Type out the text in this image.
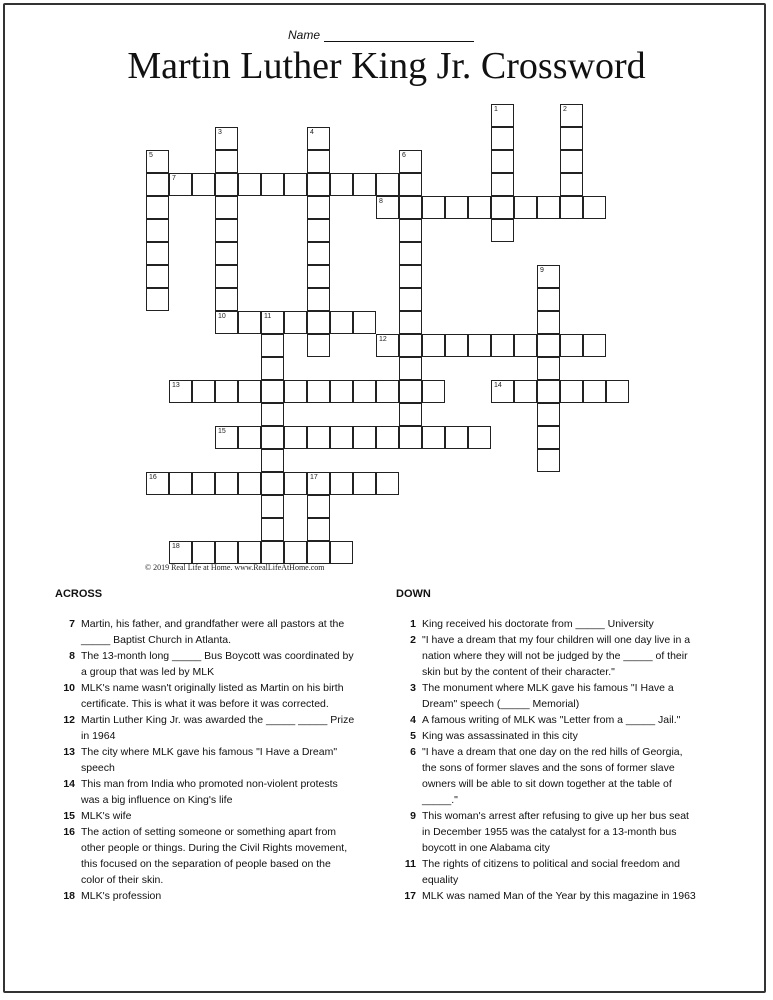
Name
Martin Luther King Jr. Crossword
7
8
10
12
13	14
15
16
18
1	2
3	4
5	6
9
11
17
© 2019 Real Life at Home. www.RealLifeAtHome.com
ACROSS
7 Martin, his father, and grandfather were all pastors at the _____ Baptist Church in Atlanta.
8 The 13-month long _____ Bus Boycott was coordinated by a group that was led by MLK
10 MLK's name wasn't originally listed as Martin on his birth certificate. This is what it was before it was corrected.
12 Martin Luther King Jr. was awarded the _____ _____ Prize in 1964
13 The city where MLK gave his famous "I Have a Dream" speech
14 This man from India who promoted non-violent protests was a big influence on King's life
15 MLK's wife
16 The action of setting someone or something apart from other people or things. During the Civil Rights movement, this focused on the separation of people based on the color of their skin.
18 MLK's profession
DOWN
1 King received his doctorate from _____ University
2 "I have a dream that my four children will one day live in a nation where they will not be judged by the _____ of their skin but by the content of their character."
3 The monument where MLK gave his famous "I Have a Dream" speech (_____ Memorial)
4 A famous writing of MLK was "Letter from a _____ Jail."
5 King was assassinated in this city
6 "I have a dream that one day on the red hills of Georgia, the sons of former slaves and the sons of former slave owners will be able to sit down together at the table of _____."
9 This woman's arrest after refusing to give up her bus seat in December 1955 was the catalyst for a 13-month bus boycott in one Alabama city
11 The rights of citizens to political and social freedom and equality
17 MLK was named Man of the Year by this magazine in 1963
